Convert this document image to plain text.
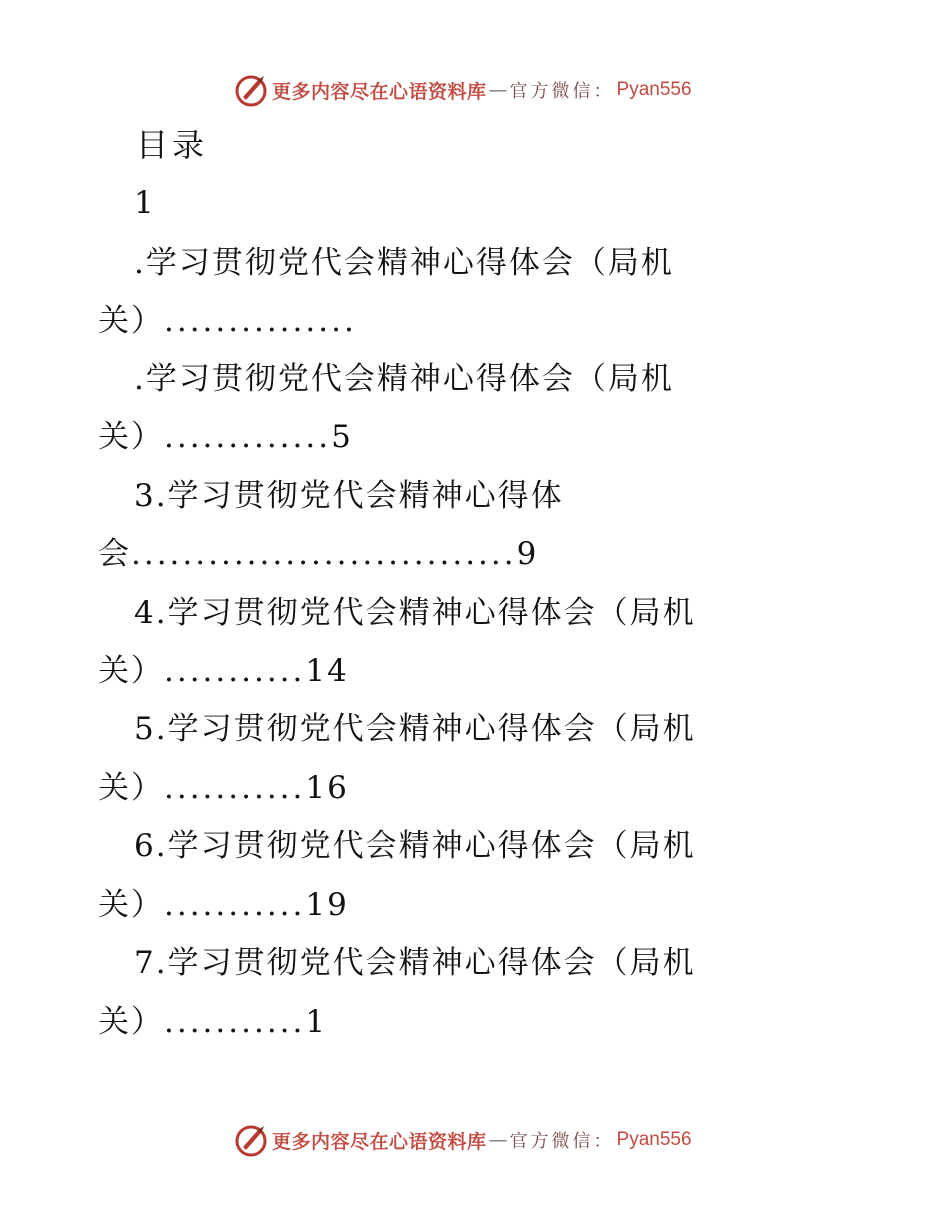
更多内容尽在心语资料库 — 官方微信： Pyan556
目录
1
.学习贯彻党代会精神心得体会（局机
关）...............
.学习贯彻党代会精神心得体会（局机
关）.............5
3.学习贯彻党代会精神心得体
会..............................9
4.学习贯彻党代会精神心得体会（局机
关）...........14
5.学习贯彻党代会精神心得体会（局机
关）...........16
6.学习贯彻党代会精神心得体会（局机
关）...........19
7.学习贯彻党代会精神心得体会（局机
关）...........1
更多内容尽在心语资料库 — 官方微信： Pyan556
